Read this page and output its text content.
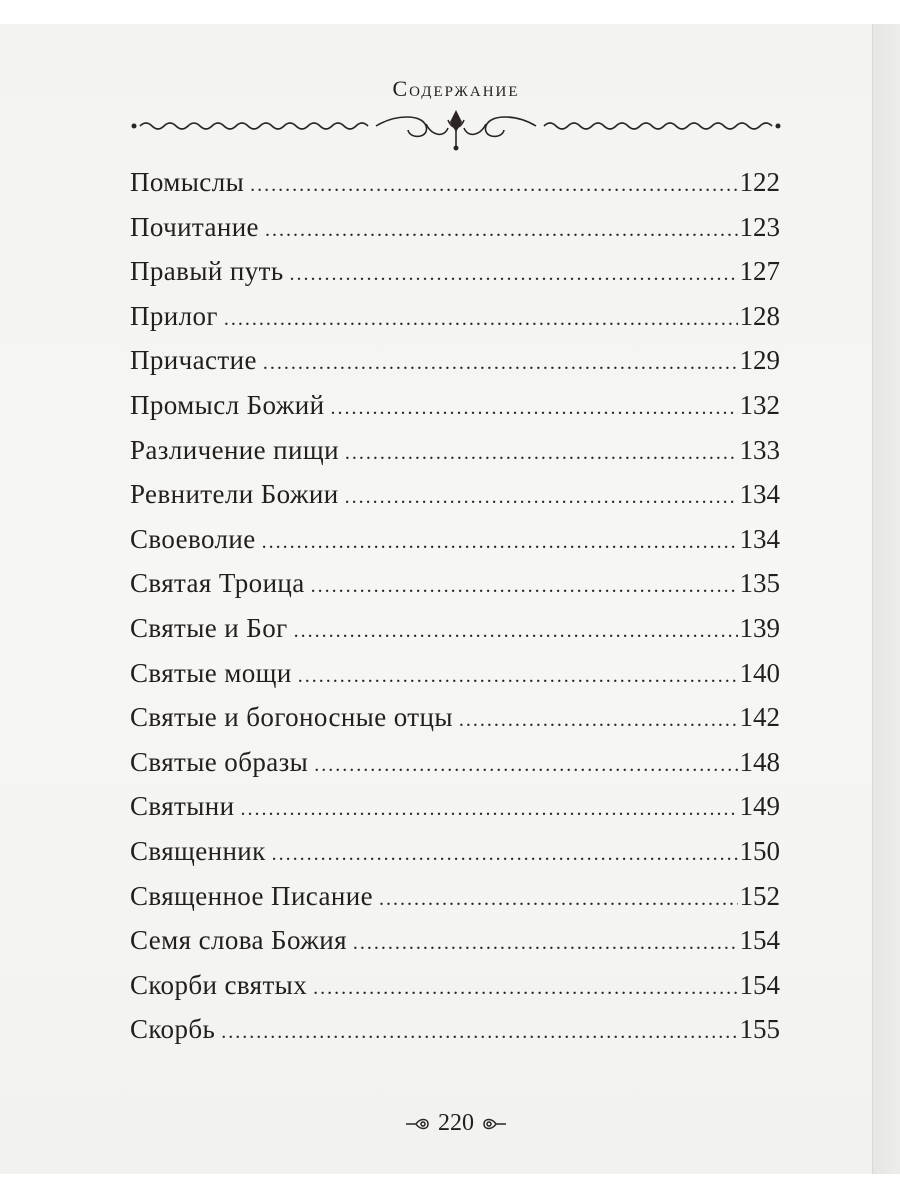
Содержание
Помыслы .....	122
Почитание .....	123
Правый путь .....	127
Прилог .....	128
Причастие .....	129
Промысл Божий .....	132
Различение пищи .....	133
Ревнители Божии .....	134
Своеволие .....	134
Святая Троица .....	135
Святые и Бог .....	139
Святые мощи .....	140
Святые и богоносные отцы .....	142
Святые образы .....	148
Святыни .....	149
Священник .....	150
Священное Писание .....	152
Семя слова Божия .....	154
Скорби святых .....	154
Скорбь .....	155
220
